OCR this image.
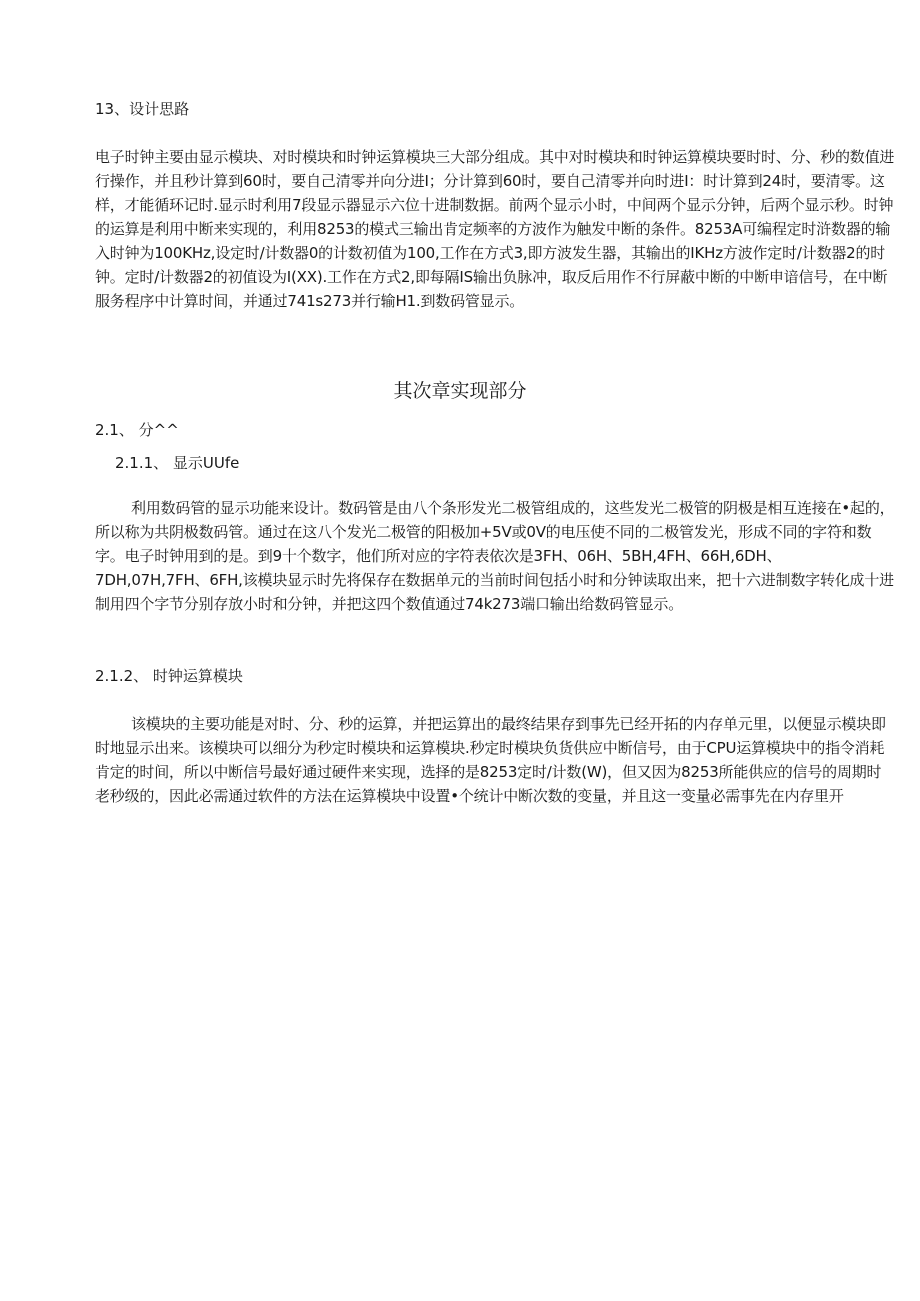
13、设计思路

电子时钟主要由显示模块、对时模块和时钟运算模块三大部分组成。其中对时模块和时钟运算模块要时时、分、秒的数值进行操作，并且秒计算到60时，要自己清零并向分进I；分计算到60时，要自己清零并向时进I：时计算到24时，要清零。这样，才能循环记时.显示时利用7段显示器显示六位十进制数据。前两个显示小时，中间两个显示分钟，后两个显示秒。时钟的运算是利用中断来实现的，利用8253的模式三输出肯定频率的方波作为触发中断的条件。8253A可编程定时浒数器的输入时钟为100KHz,设定时/计数器0的计数初值为100,工作在方式3,即方波发生器，其输出的IKHz方波作定时/计数器2的时钟。定时/计数器2的初值设为I(XX).工作在方式2,即每隔IS输出负脉冲，取反后用作不行屏蔽中断的中断申谙信号，在中断服务程序中计算时间，并通过741s273并行输H1.到数码管显示。

其次章实现部分

2.1、 分^^

2.1.1、 显示UUfe

利用数码管的显示功能来设计。数码管是由八个条形发光二极管组成的，这些发光二极管的阴极是相互连接在•起的，所以称为共阴极数码管。通过在这八个发光二极管的阳极加+5V或0V的电压使不同的二极管发光，形成不同的字符和数字。电子时钟用到的是。到9十个数字，他们所对应的字符表依次是3FH、06H、5BH,4FH、66H,6DH、7DH,07H,7FH、6FH,该模块显示时先将保存在数据单元的当前时间包括小时和分钟读取出来，把十六进制数字转化成十进制用四个字节分别存放小时和分钟，并把这四个数值通过74k273端口输出给数码管显示。

2.1.2、 时钟运算模块

该模块的主要功能是对时、分、秒的运算，并把运算出的最终结果存到事先已经开拓的内存单元里，以便显示模块即时地显示出来。该模块可以细分为秒定时模块和运算模块.秒定时模块负货供应中断信号，由于CPU运算模块中的指令消耗肯定的时间，所以中断信号最好通过硬件来实现，选择的是8253定时/计数(W)，但又因为8253所能供应的信号的周期时老秒级的，因此必需通过软件的方法在运算模块中设置•个统计中断次数的变量，并且这一变量必需事先在内存里开
